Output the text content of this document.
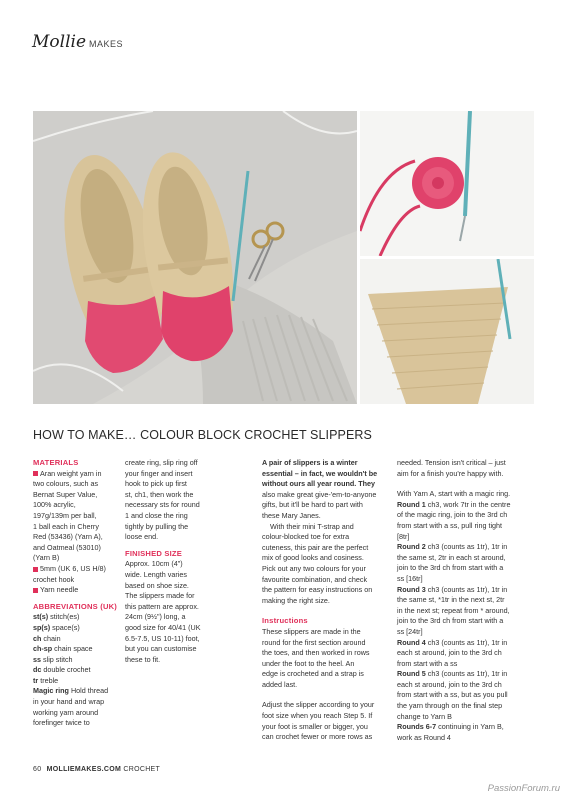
Mollie MAKES
HOW TO MAKE… COLOUR BLOCK CROCHET SLIPPERS
MATERIALS
Aran weight yarn in
two colours, such as
Bernat Super Value,
100% acrylic,
197g/139m per ball,
1 ball each in Cherry
Red (53436) (Yarn A),
and Oatmeal (53010)
(Yarn B)
5mm (UK 6, US H/8)
crochet hook
Yarn needle
ABBREVIATIONS (UK)
st(s) stitch(es)
sp(s) space(s)
ch chain
ch-sp chain space
ss slip stitch
dc double crochet
tr treble
Magic ring Hold thread
in your hand and wrap
working yarn around
forefinger twice to
create ring, slip ring off
your finger and insert
hook to pick up first
st, ch1, then work the
necessary sts for round
1 and close the ring
tightly by pulling the
loose end.
FINISHED SIZE
Approx. 10cm (4")
wide. Length varies
based on shoe size.
The slippers made for
this pattern are approx.
24cm (9½") long, a
good size for 40/41 (UK
6.5-7.5, US 10-11) foot,
but you can customise
these to fit.
A pair of slippers is a winter
essential – in fact, we wouldn't be
without ours all year round. They
also make great give-'em-to-anyone
gifts, but it'll be hard to part with
these Mary Janes.
With their mini T-strap and
colour-blocked toe for extra
cuteness, this pair are the perfect
mix of good looks and cosiness.
Pick out any two colours for your
favourite combination, and check
the pattern for easy instructions on
making the right size.
Instructions
These slippers are made in the
round for the first section around
the toes, and then worked in rows
under the foot to the heel. An
edge is crocheted and a strap is
added last.
Adjust the slipper according to your
foot size when you reach Step 5. If
your foot is smaller or bigger, you
can crochet fewer or more rows as
needed. Tension isn't critical – just
aim for a finish you're happy with.
With Yarn A, start with a magic ring.
Round 1 ch3, work 7tr in the centre
of the magic ring, join to the 3rd ch
from start with a ss, pull ring tight
[8tr]
Round 2 ch3 (counts as 1tr), 1tr in
the same st, 2tr in each st around,
join to the 3rd ch from start with a
ss [16tr]
Round 3 ch3 (counts as 1tr), 1tr in
the same st, *1tr in the next st, 2tr
in the next st; repeat from * around,
join to the 3rd ch from start with a
ss [24tr]
Round 4 ch3 (counts as 1tr), 1tr in
each st around, join to the 3rd ch
from start with a ss
Round 5 ch3 (counts as 1tr), 1tr in
each st around, join to the 3rd ch
from start with a ss, but as you pull
the yarn through on the final step
change to Yarn B
Rounds 6-7 continuing in Yarn B,
work as Round 4
60 MOLLIEMAKES.COM CROCHET
PassionForum.ru
